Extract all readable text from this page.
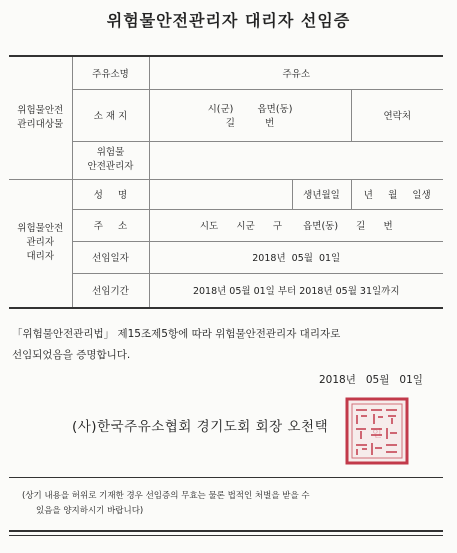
위험물안전관리자 대리자 선임증
위험물안전
관리대상물	주유소명	주유소		
	소 재 지	시(군)        읍면(동)		연락처
		길          번		

	위험물
안전관리자			

위험물안전
관리자
대리자	성     명		생년월일	년     월     일생
	주     소	시도      시군      구       읍면(동)      길      번		
	선임일자	2018년  05월  01일		
	선임기간	2018년 05월 01일 부터 2018년 05월 31일까지		
「위험물안전관리법」 제15조제5항에 따라 위험물안전관리자 대리자로
선임되었음을 증명합니다.
2018년   05월   01일
(사)한국주유소협회 경기도회 회장 오천택	인
(상기 내용을 허위로 기재한 경우 선임증의 무효는 물론 법적인 처벌을 받을 수
있음을 양지하시기 바랍니다)
